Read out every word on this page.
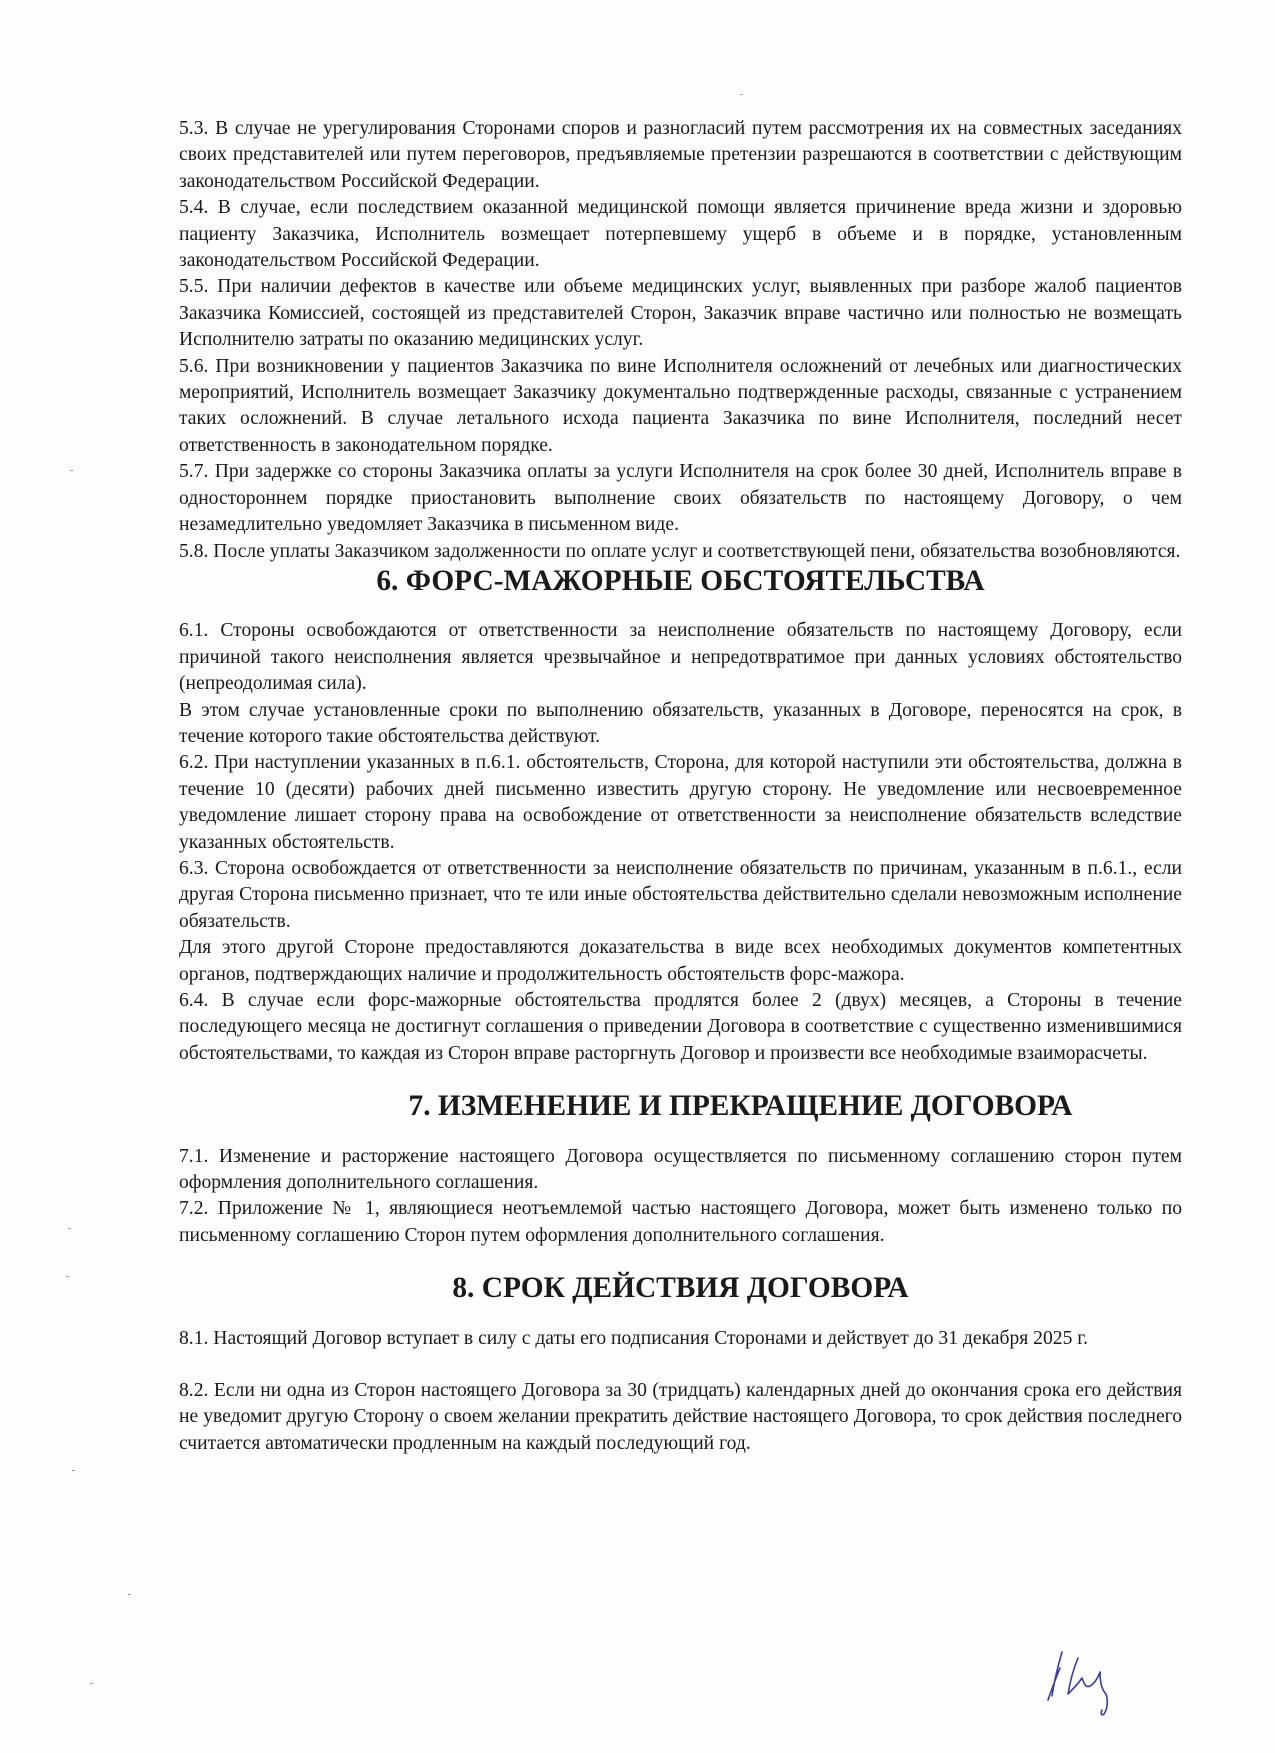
5.3. В случае не урегулирования Сторонами споров и разногласий путем рассмотрения их на совместных заседаниях своих представителей или путем переговоров, предъявляемые претензии разрешаются в соответствии с действующим законодательством Российской Федерации.

5.4. В случае, если последствием оказанной медицинской помощи является причинение вреда жизни и здоровью пациенту Заказчика, Исполнитель возмещает потерпевшему ущерб в объеме и в порядке, установленным законодательством Российской Федерации.

5.5. При наличии дефектов в качестве или объеме медицинских услуг, выявленных при разборе жалоб пациентов Заказчика Комиссией, состоящей из представителей Сторон, Заказчик вправе частично или полностью не возмещать Исполнителю затраты по оказанию медицинских услуг.

5.6. При возникновении у пациентов Заказчика по вине Исполнителя осложнений от лечебных или диагностических мероприятий, Исполнитель возмещает Заказчику документально подтвержденные расходы, связанные с устранением таких осложнений. В случае летального исхода пациента Заказчика по вине Исполнителя, последний несет ответственность в законодательном порядке.

5.7. При задержке со стороны Заказчика оплаты за услуги Исполнителя на срок более 30 дней, Исполнитель вправе в одностороннем порядке приостановить выполнение своих обязательств по настоящему Договору, о чем незамедлительно уведомляет Заказчика в письменном виде.

5.8. После уплаты Заказчиком задолженности по оплате услуг и соответствующей пени, обязательства возобновляются.

6. ФОРС-МАЖОРНЫЕ ОБСТОЯТЕЛЬСТВА

6.1. Стороны освобождаются от ответственности за неисполнение обязательств по настоящему Договору, если причиной такого неисполнения является чрезвычайное и непредотвратимое при данных условиях обстоятельство (непреодолимая сила).

В этом случае установленные сроки по выполнению обязательств, указанных в Договоре, переносятся на срок, в течение которого такие обстоятельства действуют.

6.2. При наступлении указанных в п.6.1. обстоятельств, Сторона, для которой наступили эти обстоятельства, должна в течение 10 (десяти) рабочих дней письменно известить другую сторону. Не уведомление или несвоевременное уведомление лишает сторону права на освобождение от ответственности за неисполнение обязательств вследствие указанных обстоятельств.

6.3. Сторона освобождается от ответственности за неисполнение обязательств по причинам, указанным в п.6.1., если другая Сторона письменно признает, что те или иные обстоятельства действительно сделали невозможным исполнение обязательств.

Для этого другой Стороне предоставляются доказательства в виде всех необходимых документов компетентных органов, подтверждающих наличие и продолжительность обстоятельств форс-мажора.

6.4. В случае если форс-мажорные обстоятельства продлятся более 2 (двух) месяцев, а Стороны в течение последующего месяца не достигнут соглашения о приведении Договора в соответствие с существенно изменившимися обстоятельствами, то каждая из Сторон вправе расторгнуть Договор и произвести все необходимые взаиморасчеты.

7. ИЗМЕНЕНИЕ И ПРЕКРАЩЕНИЕ ДОГОВОРА

7.1. Изменение и расторжение настоящего Договора осуществляется по письменному соглашению сторон путем оформления дополнительного соглашения.

7.2. Приложение № 1, являющиеся неотъемлемой частью настоящего Договора, может быть изменено только по письменному соглашению Сторон путем оформления дополнительного соглашения.

8. СРОК ДЕЙСТВИЯ ДОГОВОРА

8.1. Настоящий Договор вступает в силу с даты его подписания Сторонами и действует до 31 декабря 2025 г.

8.2. Если ни одна из Сторон настоящего Договора за 30 (тридцать) календарных дней до окончания срока его действия не уведомит другую Сторону о своем желании прекратить действие настоящего Договора, то срок действия последнего считается автоматически продленным на каждый последующий год.
